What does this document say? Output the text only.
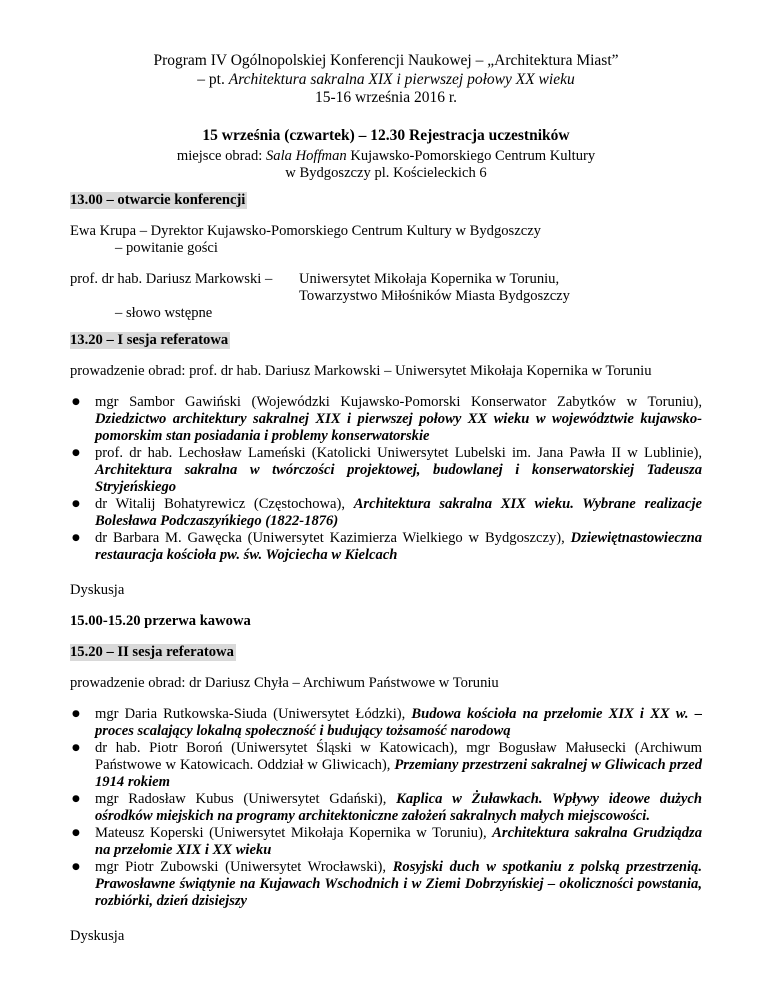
Program IV Ogólnopolskiej Konferencji Naukowej – „Architektura Miast”
– pt. Architektura sakralna XIX i pierwszej połowy XX wieku
15-16 września 2016 r.
15 września (czwartek) – 12.30 Rejestracja uczestników
miejsce obrad: Sala Hoffman Kujawsko-Pomorskiego Centrum Kultury
w Bydgoszczy pl. Kościeleckich 6
13.00 – otwarcie konferencji
Ewa Krupa – Dyrektor Kujawsko-Pomorskiego Centrum Kultury w Bydgoszczy
– powitanie gości
prof. dr hab. Dariusz Markowski –	Uniwersytet Mikołaja Kopernika w Toruniu,
Towarzystwo Miłośników Miasta Bydgoszczy
– słowo wstępne
13.20 – I sesja referatowa
prowadzenie obrad: prof. dr hab. Dariusz Markowski – Uniwersytet Mikołaja Kopernika w Toruniu
● mgr Sambor Gawiński (Wojewódzki Kujawsko-Pomorski Konserwator Zabytków w Toruniu), Dziedzictwo architektury sakralnej XIX i pierwszej połowy XX wieku w województwie kujawsko-pomorskim stan posiadania i problemy konserwatorskie
● prof. dr hab. Lechosław Lameński (Katolicki Uniwersytet Lubelski im. Jana Pawła II w Lublinie), Architektura sakralna w twórczości projektowej, budowlanej i konserwatorskiej Tadeusza Stryjeńskiego
● dr Witalij Bohatyrewicz (Częstochowa), Architektura sakralna XIX wieku. Wybrane realizacje Bolesława Podczaszyńkiego (1822-1876)
● dr Barbara M. Gawęcka (Uniwersytet Kazimierza Wielkiego w Bydgoszczy), Dziewiętnastowieczna restauracja kościoła pw. św. Wojciecha w Kielcach
Dyskusja
15.00-15.20 przerwa kawowa
15.20 – II sesja referatowa
prowadzenie obrad: dr Dariusz Chyła – Archiwum Państwowe w Toruniu
● mgr Daria Rutkowska-Siuda (Uniwersytet Łódzki), Budowa kościoła na przełomie XIX i XX w. – proces scalający lokalną społeczność i budujący tożsamość narodową
● dr hab. Piotr Boroń (Uniwersytet Śląski w Katowicach), mgr Bogusław Małusecki (Archiwum Państwowe w Katowicach. Oddział w Gliwicach), Przemiany przestrzeni sakralnej w Gliwicach przed 1914 rokiem
● mgr Radosław Kubus (Uniwersytet Gdański), Kaplica w Żuławkach. Wpływy ideowe dużych ośrodków miejskich na programy architektoniczne założeń sakralnych małych miejscowości.
● Mateusz Koperski (Uniwersytet Mikołaja Kopernika w Toruniu), Architektura sakralna Grudziądza na przełomie XIX i XX wieku
● mgr Piotr Zubowski (Uniwersytet Wrocławski), Rosyjski duch w spotkaniu z polską przestrzenią. Prawosławne świątynie na Kujawach Wschodnich i w Ziemi Dobrzyńskiej – okoliczności powstania, rozbiórki, dzień dzisiejszy
Dyskusja
